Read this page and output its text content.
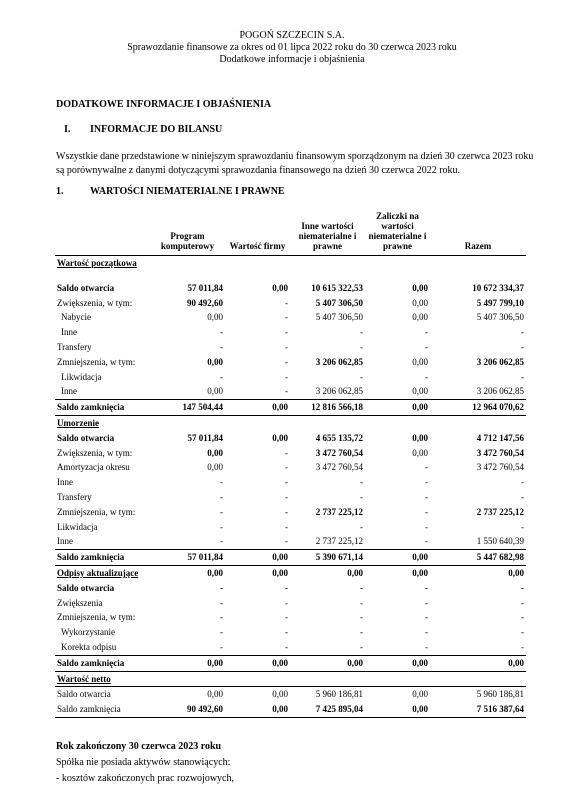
POGOŃ SZCZECIN S.A.
Sprawozdanie finansowe za okres od 01 lipca 2022 roku do 30 czerwca 2023 roku
Dodatkowe informacje i objaśnienia
DODATKOWE INFORMACJE I OBJAŚNIENIA
I. INFORMACJE DO BILANSU
Wszystkie dane przedstawione w niniejszym sprawozdaniu finansowym sporządzonym na dzień 30 czerwca 2023 roku są porównywalne z danymi dotyczącymi sprawozdania finansowego na dzień 30 czerwca 2022 roku.
1.	WARTOŚCI NIEMATERIALNE I PRAWNE
	Program komputerowy	Wartość firmy	Inne wartości niematerialne i prawne	Zaliczki na wartości niematerialne i prawne	Razem
Wartość początkowa					

Saldo otwarcia	57 011,84	0,00	10 615 322,53	0,00	10 672 334,37
Zwiększenia, w tym:	90 492,60	-	5 407 306,50	0,00	5 497 799,10
Nabycie	0,00	-	5 407 306,50	0,00	5 407 306,50
Inne	-	-	-	-	-
Transfery	-	-	-	-	-
Zmniejszenia, w tym:	0,00	-	3 206 062,85	0,00	3 206 062,85
Likwidacja	-	-	-	-	-
Inne	0,00	-	3 206 062,85	0,00	3 206 062,85
Saldo zamknięcia	147 504,44	0,00	12 816 566,18	0,00	12 964 070,62
Umorzenie					
Saldo otwarcia	57 011,84	0,00	4 655 135,72	0,00	4 712 147,56
Zwiększenia, w tym:	0,00	-	3 472 760,54	0,00	3 472 760,54
Amortyzacja okresu	0,00	-	3 472 760,54	-	3 472 760,54
Inne	-	-	-	-	-
Transfery	-	-	-	-	-
Zmniejszenia, w tym:	-	-	2 737 225,12	-	2 737 225,12
Likwidacja	-	-	-	-	-
Inne	-	-	2 737 225,12	-	1 550 640,39
Saldo zamknięcia	57 011,84	0,00	5 390 671,14	0,00	5 447 682,98
Odpisy aktualizujące	0,00	0,00	0,00	0,00	0,00
Saldo otwarcia	-	-	-	-	-
Zwiększenia	-	-	-	-	-
Zmniejszenia, w tym:	-	-	-	-	-
Wykorzystanie	-	-	-	-	-
Korekta odpisu	-	-	-	-	-
Saldo zamknięcia	0,00	0,00	0,00	0,00	0,00
Wartość netto					
Saldo otwarcia	0,00	0,00	5 960 186,81	0,00	5 960 186,81
Saldo zamknięcia	90 492,60	0,00	7 425 895,04	0,00	7 516 387,64
Rok zakończony 30 czerwca 2023 roku
Spółka nie posiada aktywów stanowiących:
- kosztów zakończonych prac rozwojowych,
